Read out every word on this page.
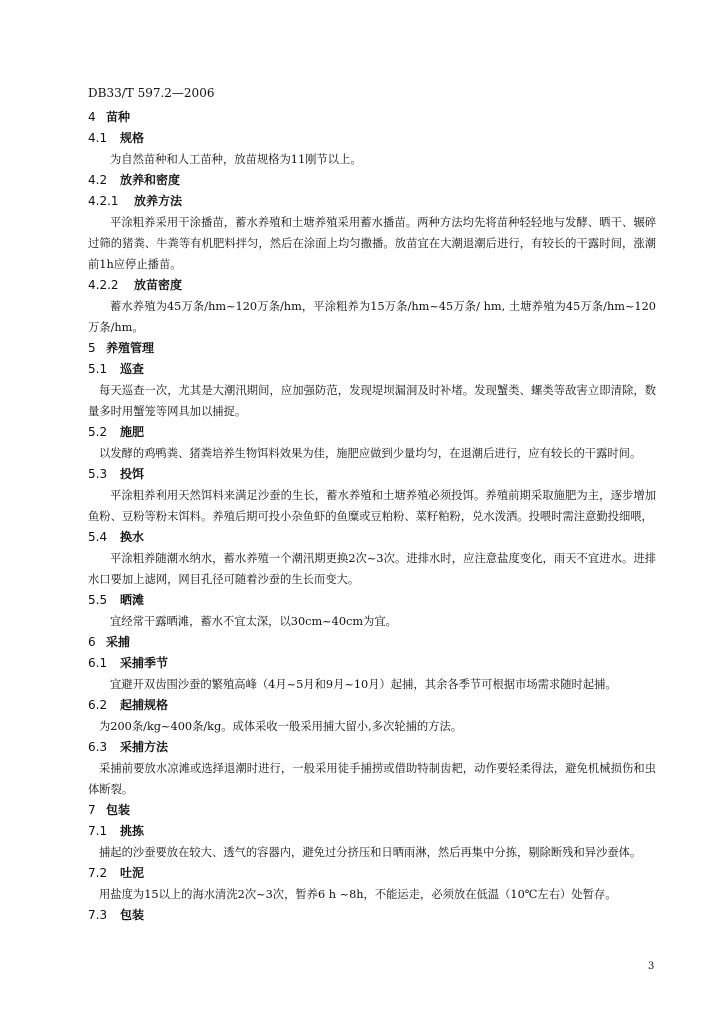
DB33/T 597.2—2006
4 苗种
4.1 规格
为自然苗种和人工苗种，放苗规格为11刚节以上。
4.2 放养和密度
4.2.1 放养方法
平涂粗养采用干涂播苗，蓄水养殖和土塘养殖采用蓄水播苗。两种方法均先将苗种轻轻地与发酵、晒干、辗碎过筛的猪粪、牛粪等有机肥料拌匀，然后在涂面上均匀撒播。放苗宜在大潮退潮后进行，有较长的干露时间，涨潮前1h应停止播苗。
4.2.2 放苗密度
蓄水养殖为45万条/hm~120万条/hm，平涂粗养为15万条/hm~45万条/ hm, 土塘养殖为45万条/hm~120万条/hm。
5 养殖管理
5.1 巡查
每天巡查一次，尤其是大潮汛期间，应加强防范，发现堤坝漏洞及时补堵。发现蟹类、螺类等敌害立即清除，数量多时用蟹笼等网具加以捕捉。
5.2 施肥
以发酵的鸡鸭粪、猪粪培养生物饵料效果为佳，施肥应做到少量均匀，在退潮后进行，应有较长的干露时间。
5.3 投饵
平涂粗养利用天然饵料来满足沙蚕的生长，蓄水养殖和土塘养殖必须投饵。养殖前期采取施肥为主，逐步增加鱼粉、豆粉等粉末饵料。养殖后期可投小杂鱼虾的鱼糜或豆粕粉、菜籽粕粉，兑水泼洒。投喂时需注意勤投细喂，
5.4 换水
平涂粗养随潮水纳水，蓄水养殖一个潮汛期更换2次~3次。进排水时，应注意盐度变化，雨天不宜进水。进排水口要加上滤网，网目孔径可随着沙蚕的生长而变大。
5.5 晒滩
宜经常干露晒滩，蓄水不宜太深，以30cm~40cm为宜。
6 采捕
6.1 采捕季节
宜避开双齿围沙蚕的繁殖高峰（4月~5月和9月~10月）起捕，其余各季节可根据市场需求随时起捕。
6.2 起捕规格
为200条/kg~400条/kg。成体采收一般采用捕大留小,多次轮捕的方法。
6.3 采捕方法
采捕前要放水凉滩或选择退潮时进行，一般采用徒手捕捞或借助特制齿耙，动作要轻柔得法，避免机械损伤和虫体断裂。
7 包装
7.1 挑拣
捕起的沙蚕要放在较大、透气的容器内，避免过分挤压和日晒雨淋，然后再集中分拣，剔除断残和异沙蚕体。
7.2 吐泥
用盐度为15以上的海水清洗2次~3次，暂养6 h ~8h，不能运走，必须放在低温（10℃左右）处暂存。
7.3 包装
3
